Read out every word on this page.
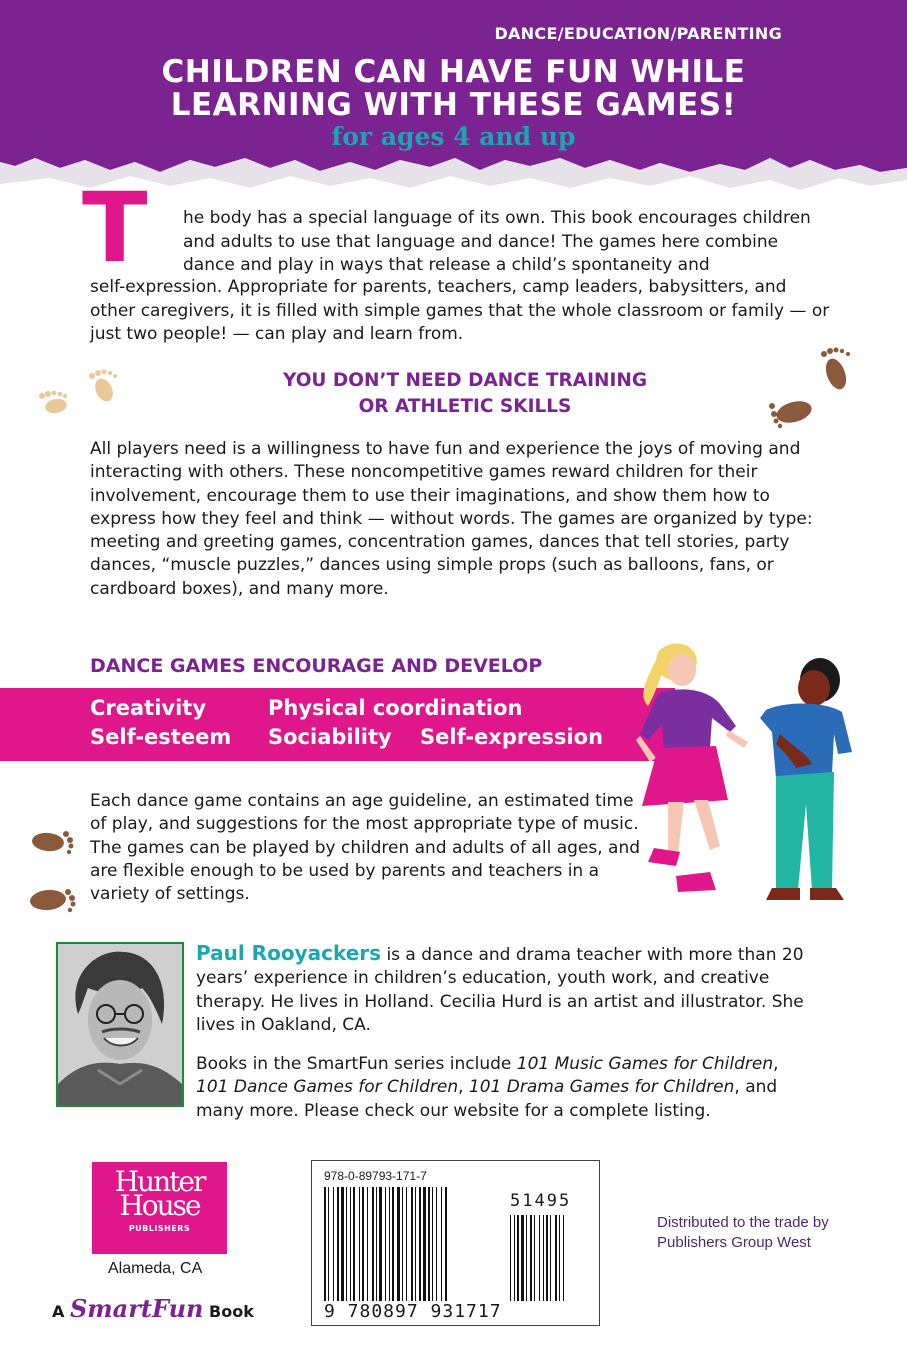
DANCE/EDUCATION/PARENTING
CHILDREN CAN HAVE FUN WHILE
LEARNING WITH THESE GAMES!
for ages 4 and up
T he body has a special language of its own. This book encourages children and adults to use that language and dance! The games here combine dance and play in ways that release a child’s spontaneity and
self-expression. Appropriate for parents, teachers, camp leaders, babysitters, and other caregivers, it is filled with simple games that the whole classroom or family — or just two people! — can play and learn from.
YOU DON’T NEED DANCE TRAINING
OR ATHLETIC SKILLS
All players need is a willingness to have fun and experience the joys of moving and interacting with others. These noncompetitive games reward children for their involvement, encourage them to use their imaginations, and show them how to express how they feel and think — without words. The games are organized by type: meeting and greeting games, concentration games, dances that tell stories, party dances, “muscle puzzles,” dances using simple props (such as balloons, fans, or cardboard boxes), and many more.
DANCE GAMES ENCOURAGE AND DEVELOP
Creativity	Physical coordination
Self-esteem Sociability Self-expression
Each dance game contains an age guideline, an estimated time of play, and suggestions for the most appropriate type of music. The games can be played by children and adults of all ages, and are flexible enough to be used by parents and teachers in a variety of settings.
Paul Rooyackers is a dance and drama teacher with more than 20 years’ experience in children’s education, youth work, and creative therapy. He lives in Holland. Cecilia Hurd is an artist and illustrator. She lives in Oakland, CA.
Books in the SmartFun series include 101 Music Games for Children, 101 Dance Games for Children, 101 Drama Games for Children, and many more. Please check our website for a complete listing.
Hunter
House
PUBLISHERS
Alameda, CA
A SmartFun Book
978-0-89793-171-7
51495
9 780897 931717
Distributed to the trade by
Publishers Group West
